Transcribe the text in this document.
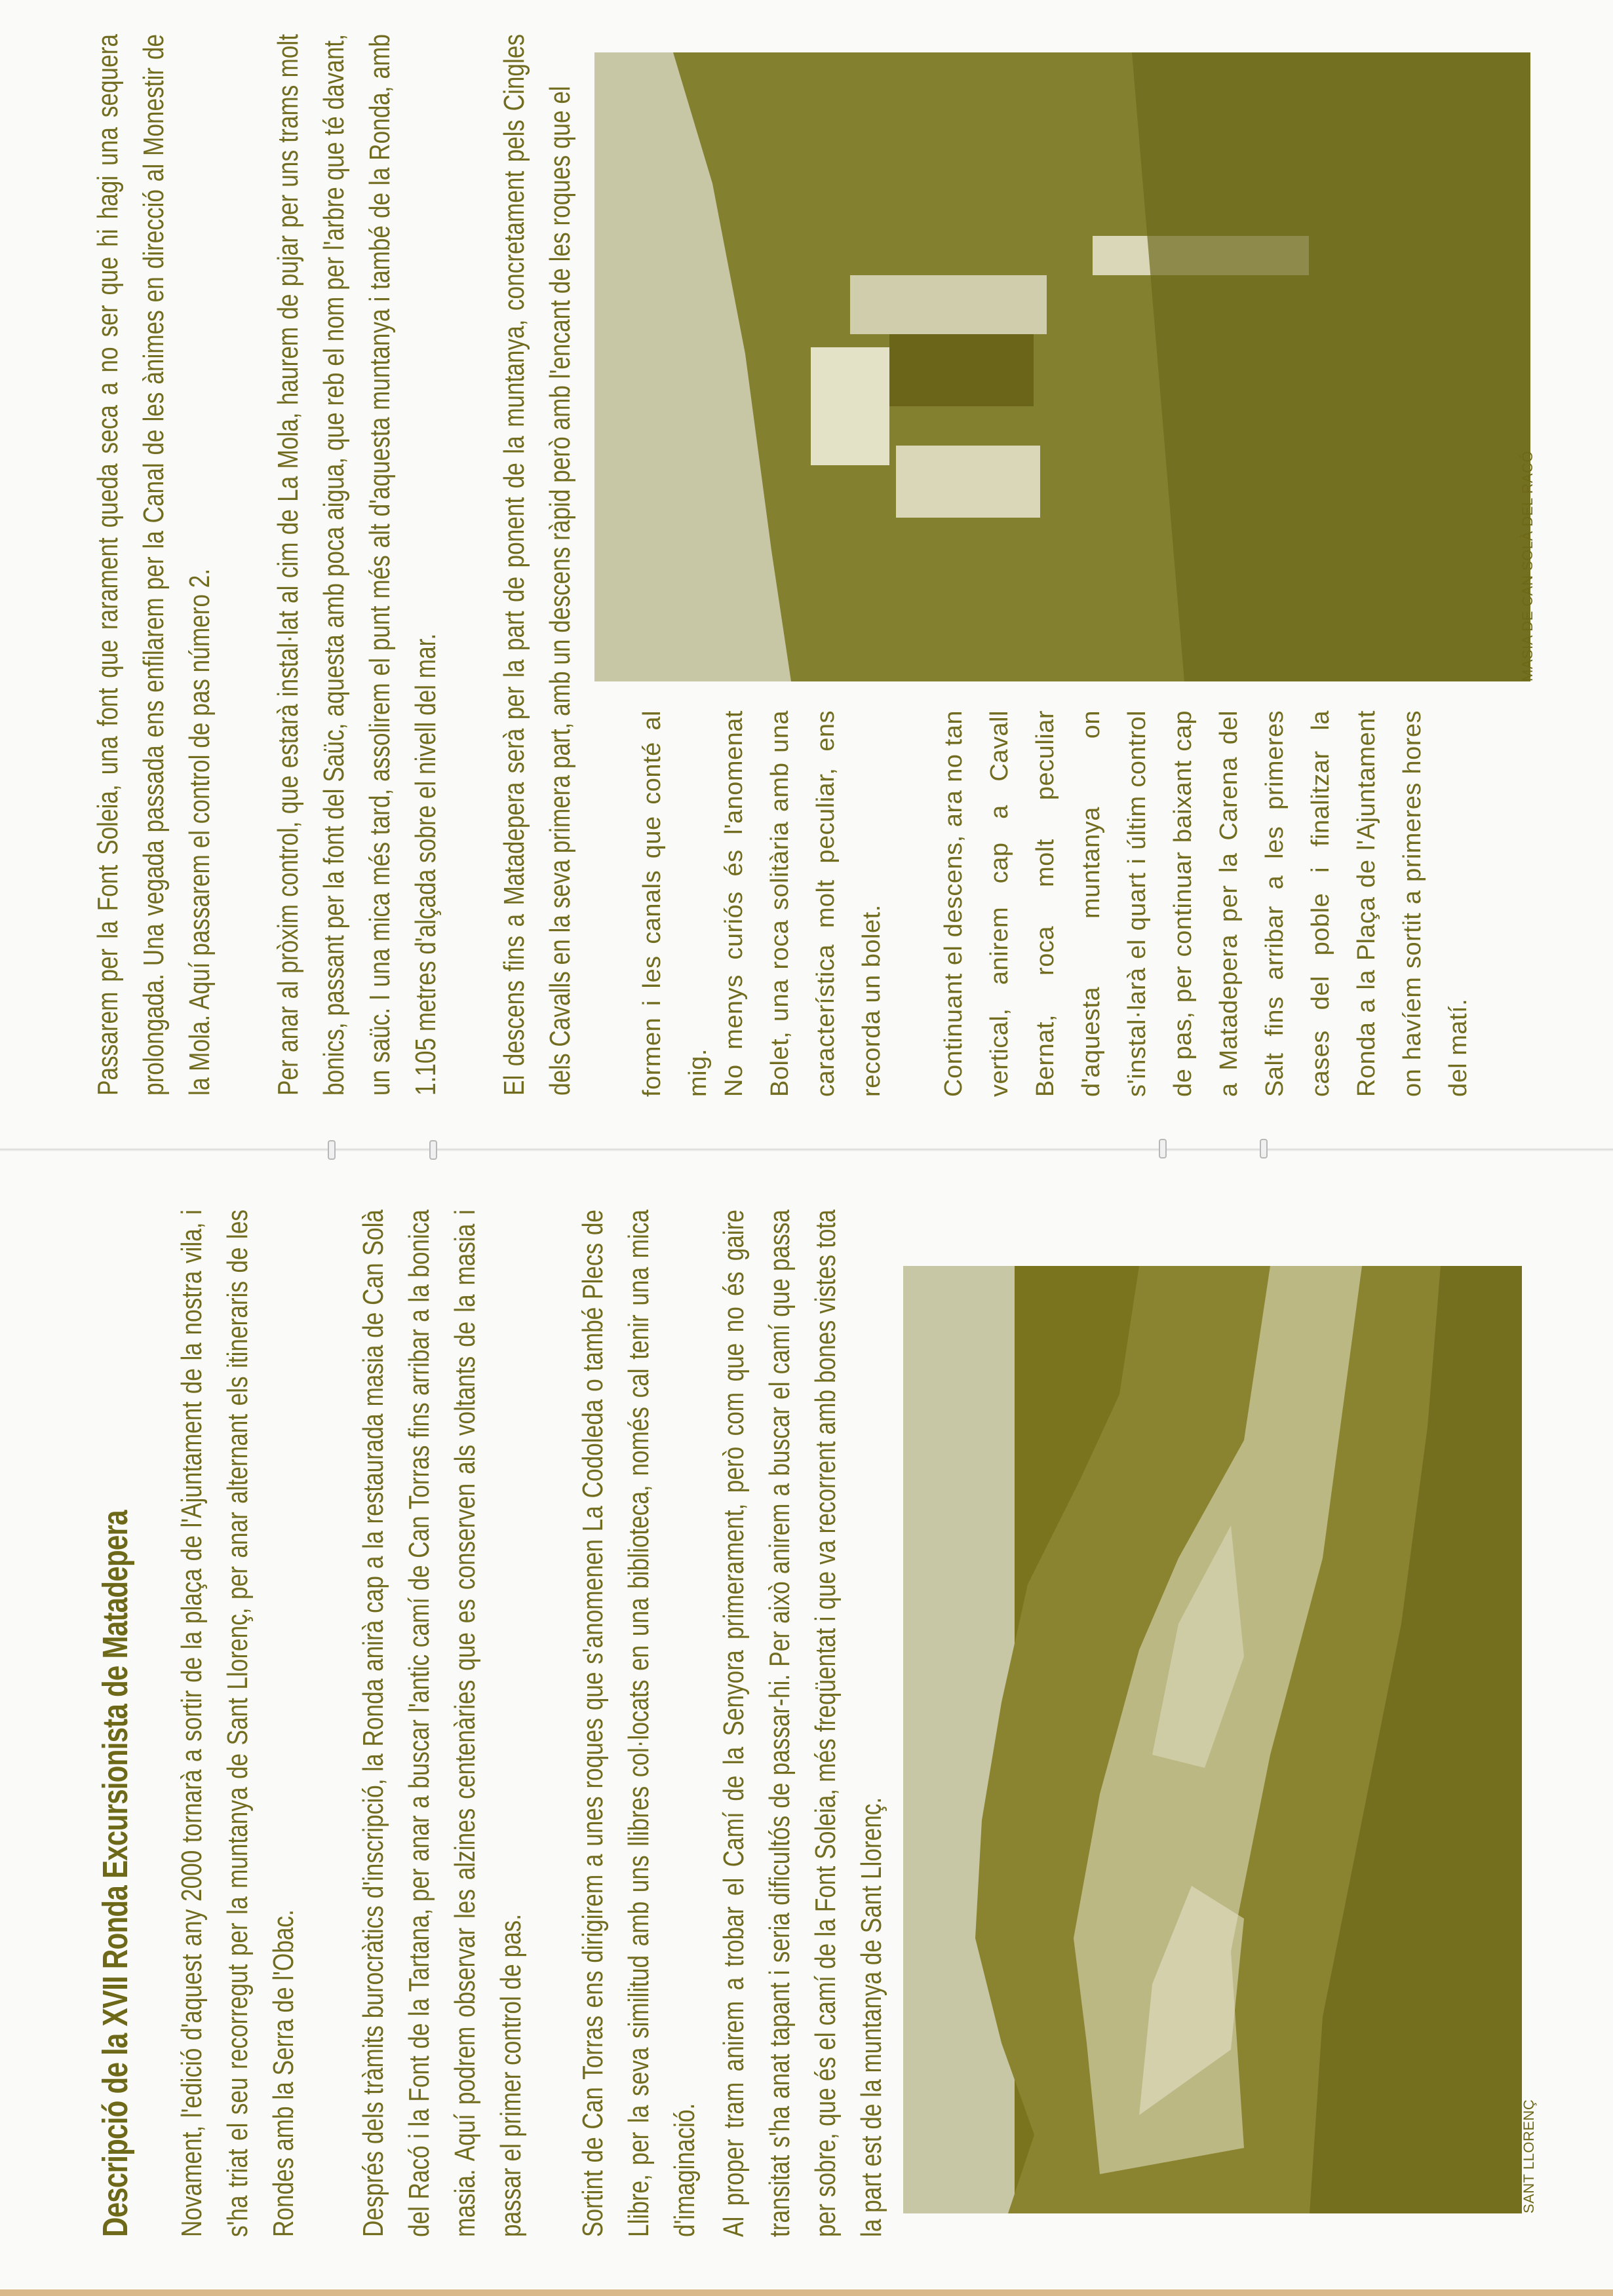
Descripció de la XVII Ronda Excursionista de Matadepera Novament, l'edició d'aquest any 2000 tornarà a sortir de la plaça de l'Ajuntament de la nostra vila, i s'ha triat el seu recorregut per la muntanya de Sant Llorenç, per anar alternant els itineraris de les Rondes amb la Serra de l'Obac. Després dels tràmits burocràtics d'inscripció, la Ronda anirà cap a la restaurada masia de Can Solà del Racó i la Font de la Tartana, per anar a buscar l'antic camí de Can Torras fins arribar a la bonica masia. Aquí podrem observar les alzines centenàries que es conserven als voltants de la masia i passar el primer control de pas. Sortint de Can Torras ens dirigirem a unes roques que s'anomenen La Codoleda o també Plecs de Llibre, per la seva similitud amb uns llibres col·locats en una biblioteca, només cal tenir una mica d'imaginació. Al proper tram anirem a trobar el Camí de la Senyora primerament, però com que no és gaire transitat s'ha anat tapant i seria dificultós de passar-hi. Per això anirem a buscar el camí que passa per sobre, que és el camí de la Font Soleia, més freqüentat i que va recorrent amb bones vistes tota la part est de la muntanya de Sant Llorenç.	SANT LLORENÇ
Passarem per la Font Soleia, una font que rarament queda seca a no ser que hi hagi una sequera prolongada. Una vegada passada ens enfilarem per la Canal de les ànimes en direcció al Monestir de la Mola. Aquí passarem el control de pas número 2. Per anar al pròxim control, que estarà instal·lat al cim de La Mola, haurem de pujar per uns trams molt bonics, passant per la font del Saüc, aquesta amb poca aigua, que reb el nom per l'arbre que té davant, un saüc. I una mica més tard, assolirem el punt més alt d'aquesta muntanya i també de la Ronda, amb 1.105 metres d'alçada sobre el nivell del mar. El descens fins a Matadepera serà per la part de ponent de la muntanya, concretament pels Cingles dels Cavalls en la seva primera part, amb un descens ràpid però amb l'encant de les roques que el	formen i les canals que conté al mig. No menys curiós és l'anomenat Bolet, una roca solitària amb una característica molt peculiar, ens recorda un bolet.	Continuant el descens, ara no tan vertical, anirem cap a Cavall Bernat, roca molt peculiar d'aquesta muntanya on s'instal·larà el quart i últim control de pas, per continuar baixant cap a Matadepera per la Carena del Salt fins arribar a les primeres cases del poble i finalitzar la Ronda a la Plaça de l'Ajuntament on havíem sortit a primeres hores del matí.
MASIA DE CAN SOLÀ DEL RACÓ
